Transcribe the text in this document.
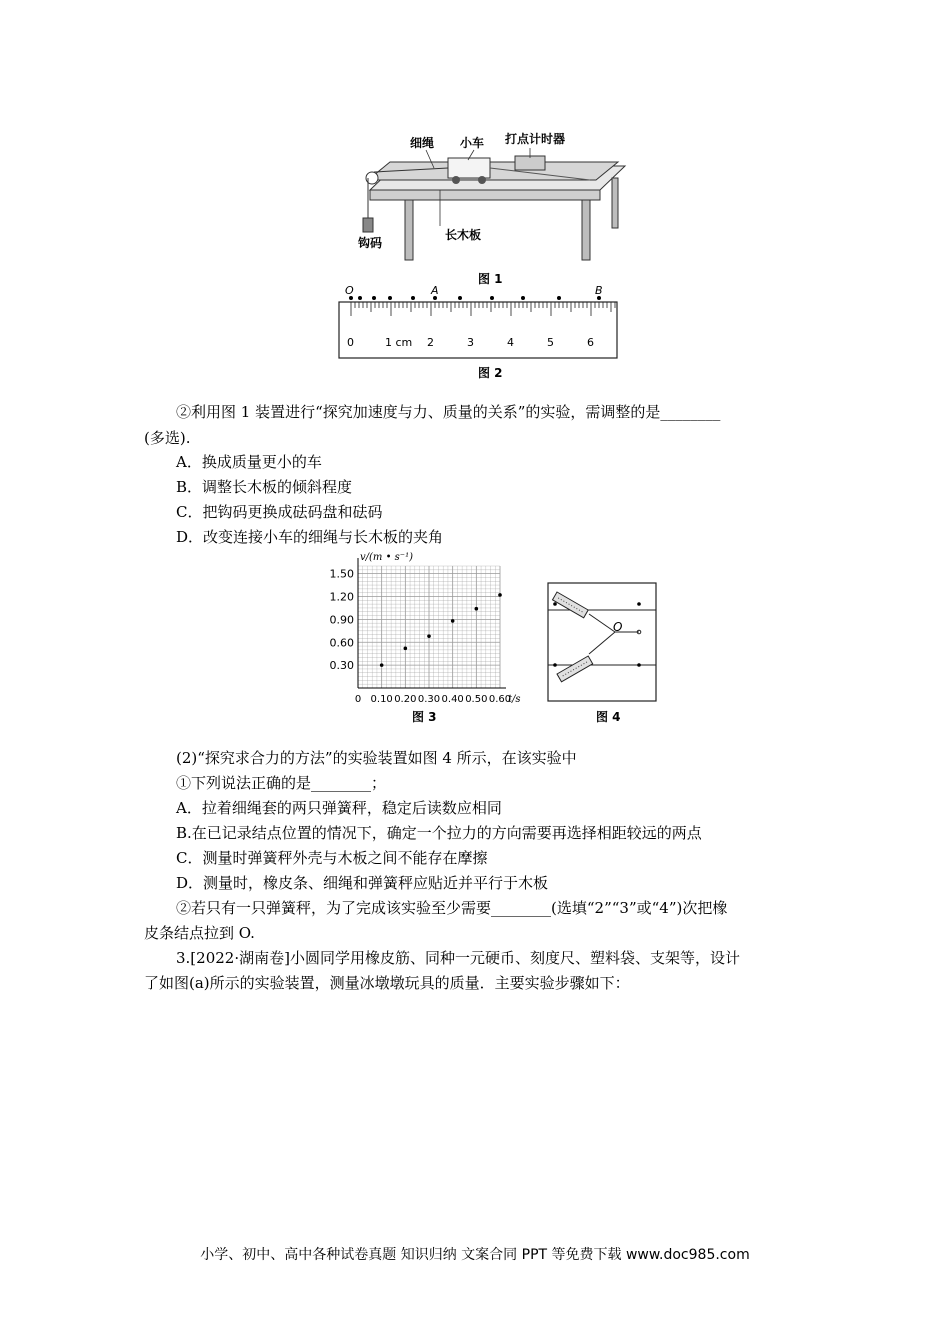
细绳 小车 打点计时器
钩码
长木板
图 1
O	A	B
0	1 cm 2	3	4	5	6
图 2
②利用图 1 装置进行“探究加速度与力、质量的关系”的实验，需调整的是________
(多选).
A．换成质量更小的车
B．调整长木板的倾斜程度
C．把钩码更换成砝码盘和砝码
D．改变连接小车的细绳与长木板的夹角
0.30
0.60
0.90
1.20
1.50
0 0.10 0.20 0.30 0.40 0.50 0.60
v/(m • s⁻¹)
t/s
图 3
O
图 4
(2)“探究求合力的方法”的实验装置如图 4 所示，在该实验中
①下列说法正确的是________；
A．拉着细绳套的两只弹簧秤，稳定后读数应相同
B.在已记录结点位置的情况下，确定一个拉力的方向需要再选择相距较远的两点
C．测量时弹簧秤外壳与木板之间不能存在摩擦
D．测量时，橡皮条、细绳和弹簧秤应贴近并平行于木板
②若只有一只弹簧秤，为了完成该实验至少需要________(选填“2”“3”或“4”)次把橡
皮条结点拉到 O.
3.[2022·湖南卷]小圆同学用橡皮筋、同种一元硬币、刻度尺、塑料袋、支架等，设计
了如图(a)所示的实验装置，测量冰墩墩玩具的质量．主要实验步骤如下：
小学、初中、高中各种试卷真题 知识归纳 文案合同 PPT 等免费下载 www.doc985.com
